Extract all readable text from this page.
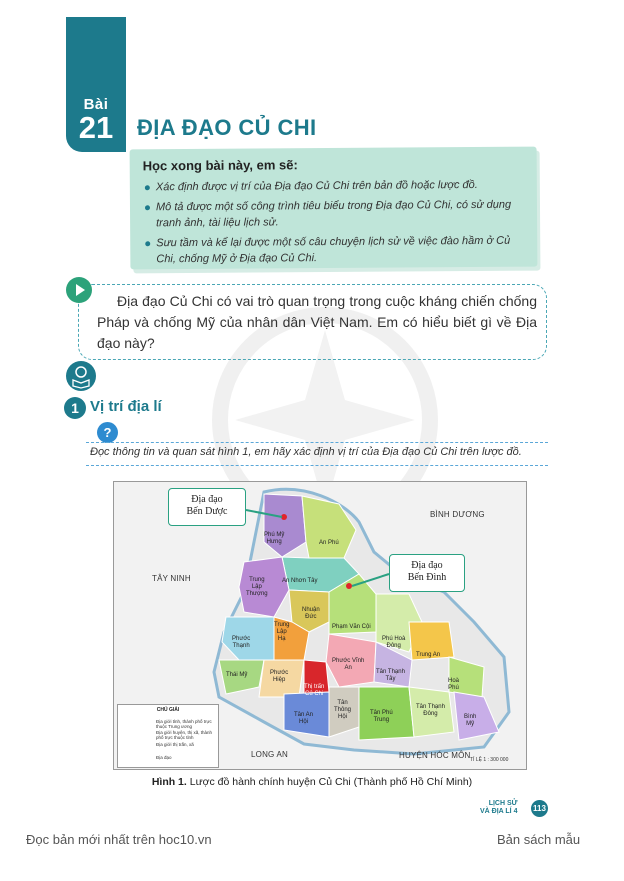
Bài
21	ĐỊA ĐẠO CỦ CHI
Học xong bài này, em sẽ:
Xác định được vị trí của Địa đạo Củ Chi trên bản đồ hoặc lược đồ.
Mô tả được một số công trình tiêu biểu trong Địa đạo Củ Chi, có sử dụng tranh ảnh, tài liệu lịch sử.
Sưu tầm và kể lại được một số câu chuyện lịch sử về việc đào hầm ở Củ Chi, chống Mỹ ở Địa đạo Củ Chi.

Địa đạo Củ Chi có vai trò quan trọng trong cuộc kháng chiến chống Pháp và chống Mỹ của nhân dân Việt Nam. Em có hiểu biết gì về Địa đạo này?

1 Vị trí địa lí
?

Đọc thông tin và quan sát hình 1, em hãy xác định vị trí của Địa đạo Củ Chi trên lược đồ.

TÂY NINH
BÌNH DƯƠNG
LONG AN	HUYỆN HÓC MÔN
Phú Mỹ
Hưng	An Phú
An Nhơn Tây
Trung
Lập
Thượng
Nhuận
Đức
Phạm Văn Cội
Trung
Lập
Hạ
Phước
Thạnh
Phú Hoà
Đông
Thái Mỹ	Phước
Hiệp
Trung An
Phước Vĩnh
An
Tân Thạnh
Tây	Hoà
Phú
Thị trấn
Củ Chi
Tân An
Hội
Tân
Thông
Hội
Tân Phú
Trung
Tân Thạnh
Đông	Bình
Mỹ
Địa đạo
Bến Dược
Địa đạo
Bến Đình
CHÚ GIẢI
Địa giới tỉnh, thành phố trực thuộc Trung ương
Địa giới huyện, thị xã, thành phố trực thuộc tỉnh
Địa giới thị trấn, xã
Địa đạo	TỈ LỆ 1 : 300 000
Hình 1. Lược đồ hành chính huyện Củ Chi (Thành phố Hồ Chí Minh)
LỊCH SỬ
VÀ ĐỊA LÍ 4 113
Đọc bản mới nhất trên hoc10.vn	Bản sách mẫu
